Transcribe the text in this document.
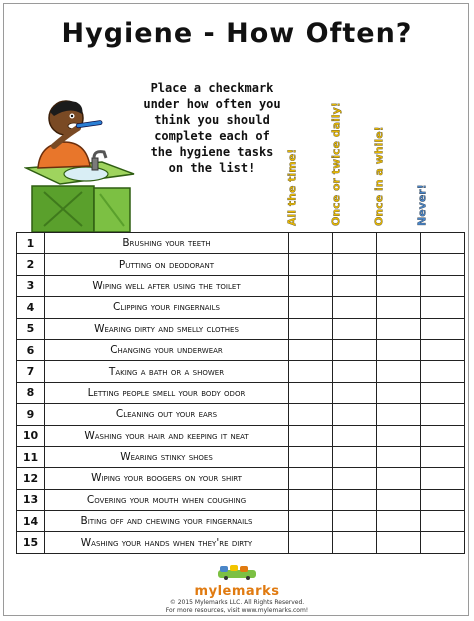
Hygiene - How Often?
Place a checkmark under how often you think you should complete each of the hygiene tasks on the list!	All the time!	Once or twice daily!	Once in a while!	Never!
1	Brushing your teeth				
2	Putting on deodorant				
3	Wiping well after using the toilet				
4	Clipping your fingernails				
5	Wearing dirty and smelly clothes				
6	Changing your underwear				
7	Taking a bath or a shower				
8	Letting people smell your body odor				
9	Cleaning out your ears				
10	Washing your hair and keeping it neat				
11	Wearing stinky shoes				
12	Wiping your boogers on your shirt				
13	Covering your mouth when coughing				
14	Biting off and chewing your fingernails				
15	Washing your hands when they're dirty				
mylemarks
© 2015 Mylemarks LLC. All Rights Reserved.
For more resources, visit www.mylemarks.com!
